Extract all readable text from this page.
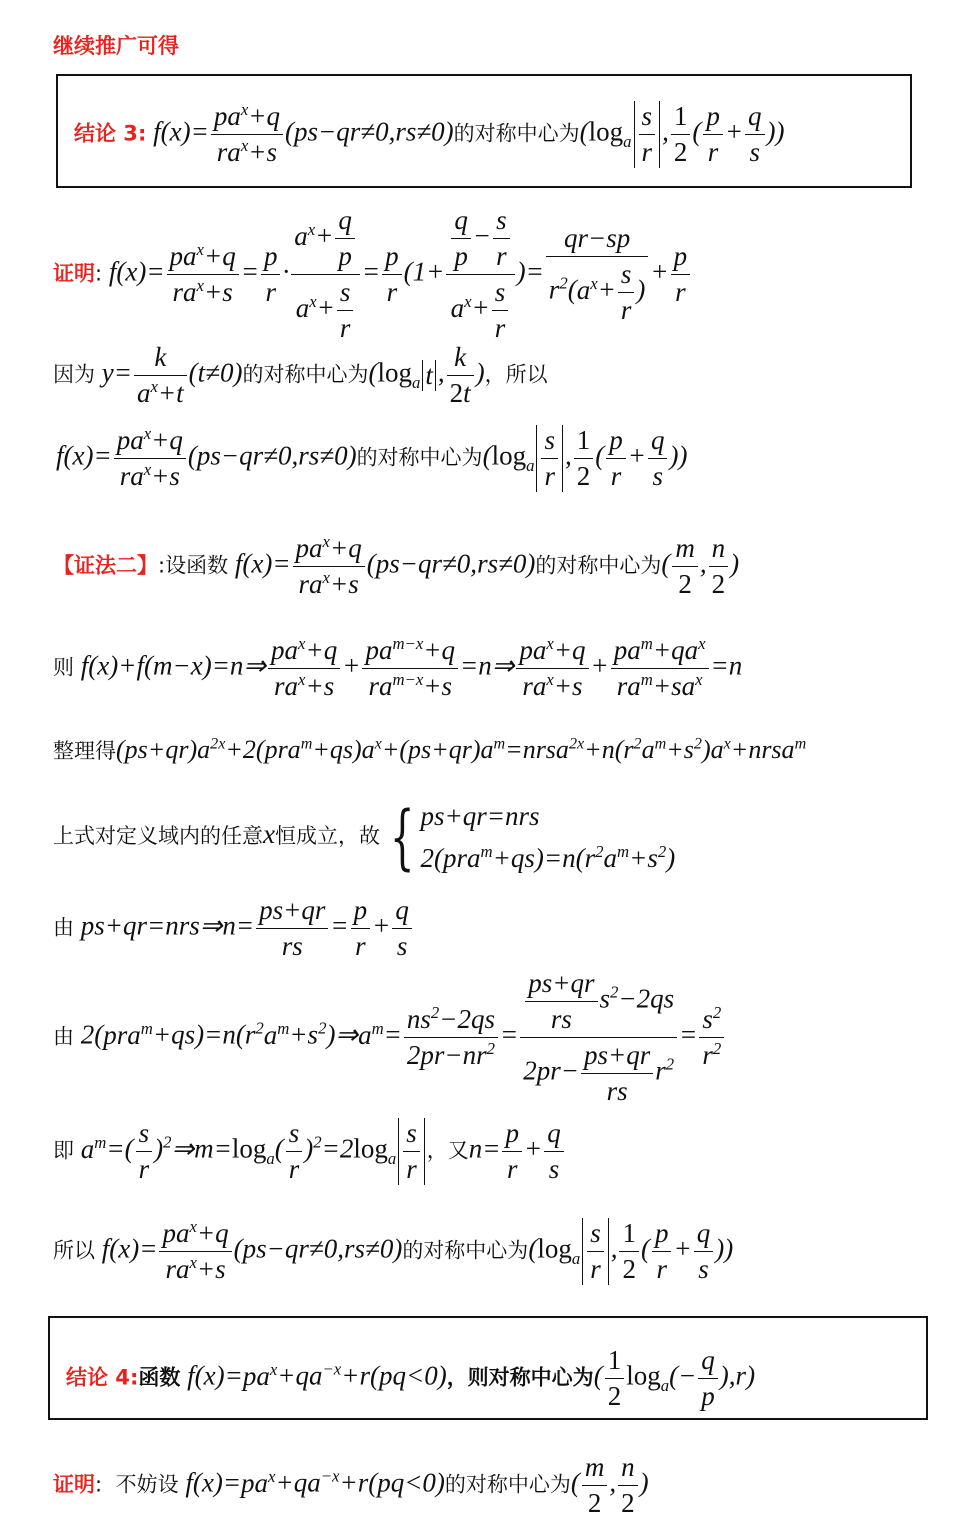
继续推广可得
结论 3: f(x)=
$pa^x+q$
$ra^x+s$
(ps−qr≠0,rs≠0)的对称中心为($\log_a \frac{s}{r}$ , $\frac{1}{2}$ ( $\frac{p}{r} + \frac{q}{s}$ ))
证明: f(x)=
$pa^x+q$
$ra^x+s$
= $\frac{p}{r} \cdot \frac{a^x+ \frac{q}{p}}{a^x+ \frac{s}{r}} = \frac{p}{r} (1+ \frac{\frac{q}{p} - \frac{s}{r}}{a^x+ \frac{s}{r}}$ )= $\frac{qr-sp}{r^2(a^x+ \frac{s}{r} )} + \frac{p}{r}$
因为 $y= \frac{k}{a^x+t} (t\ne 0)$的对称中心为($\log_a$ t , $\frac{k}{2t}$ )，所以
f(x)=
$pa^x+q$
$ra^x+s$
(ps−qr≠0,rs≠0)的对称中心为($\log_a \frac{s}{r}$ , $\frac{1}{2}$ ( $\frac{p}{r} + \frac{q}{s}$ ))
【证法二】:设函数 f(x)=
$pa^x+q$
$ra^x+s$
(ps−qr≠0,rs≠0)的对称中心为( $\frac{m}{2}$ , $\frac{n}{2}$ )
则 f(x)+f(m−x)=n⇒
$pa^x+q$
$ra^x+s$
+
$pa^{m-x}+q$
$ra^{m-x}+s$
=n⇒
$pa^x+q$
$ra^x+s$
+
$pa^m+qa^x$
$ra^m+sa^x =n$
整理得$(ps+qr)a^{2x}+2(pra^m+qs)a^x+(ps+qr)a^m=nrsa^{2x}+n(r^2a^m+s^2)a^x+nrsa^m$
上式对定义域内的任意x恒成立，故 { ps+qr=nrs
$2(pra^m+qs)=n(r^2a^m+s^2)$
由 ps+qr=nrs⇒n= $\frac{ps+qr}{rs} = \frac{p}{r} + \frac{q}{s}$
由 $2(pra^m+qs)=n(r^2a^m+s^2)\Rightarrow a^m= \frac{ns^2-2qs}{2pr-nr^2} = \frac{ps+qr}{rs} s^2-2qs$
$2pr- \frac{ps+qr}{rs} r^2$
= $\frac{s^2}{r^2}$
即 $a^m=( \frac{s}{r}$ )$^2\Rightarrow m=\log_a( \frac{s}{r} )^2=2\log_a \frac{s}{r}$ ，又$n= \frac{p}{r} + \frac{q}{s}$
所以 f(x)=
$pa^x+q$
$ra^x+s$
(ps−qr≠0,rs≠0)的对称中心为($\log_a \frac{s}{r}$ , $\frac{1}{2}$ ( $\frac{p}{r} + \frac{q}{s}$ ))
结论 4:函数 $f(x)=pa^x+qa^{-x}+r(pq<0)$，则对称中心为( $\frac{1}{2} \log_a(- \frac{q}{p} ),r$)
证明: 不妨设 $f(x)=pa^x+qa^{-x}+r(pq<0)$的对称中心为( $\frac{m}{2}$ , $\frac{n}{2}$ )
